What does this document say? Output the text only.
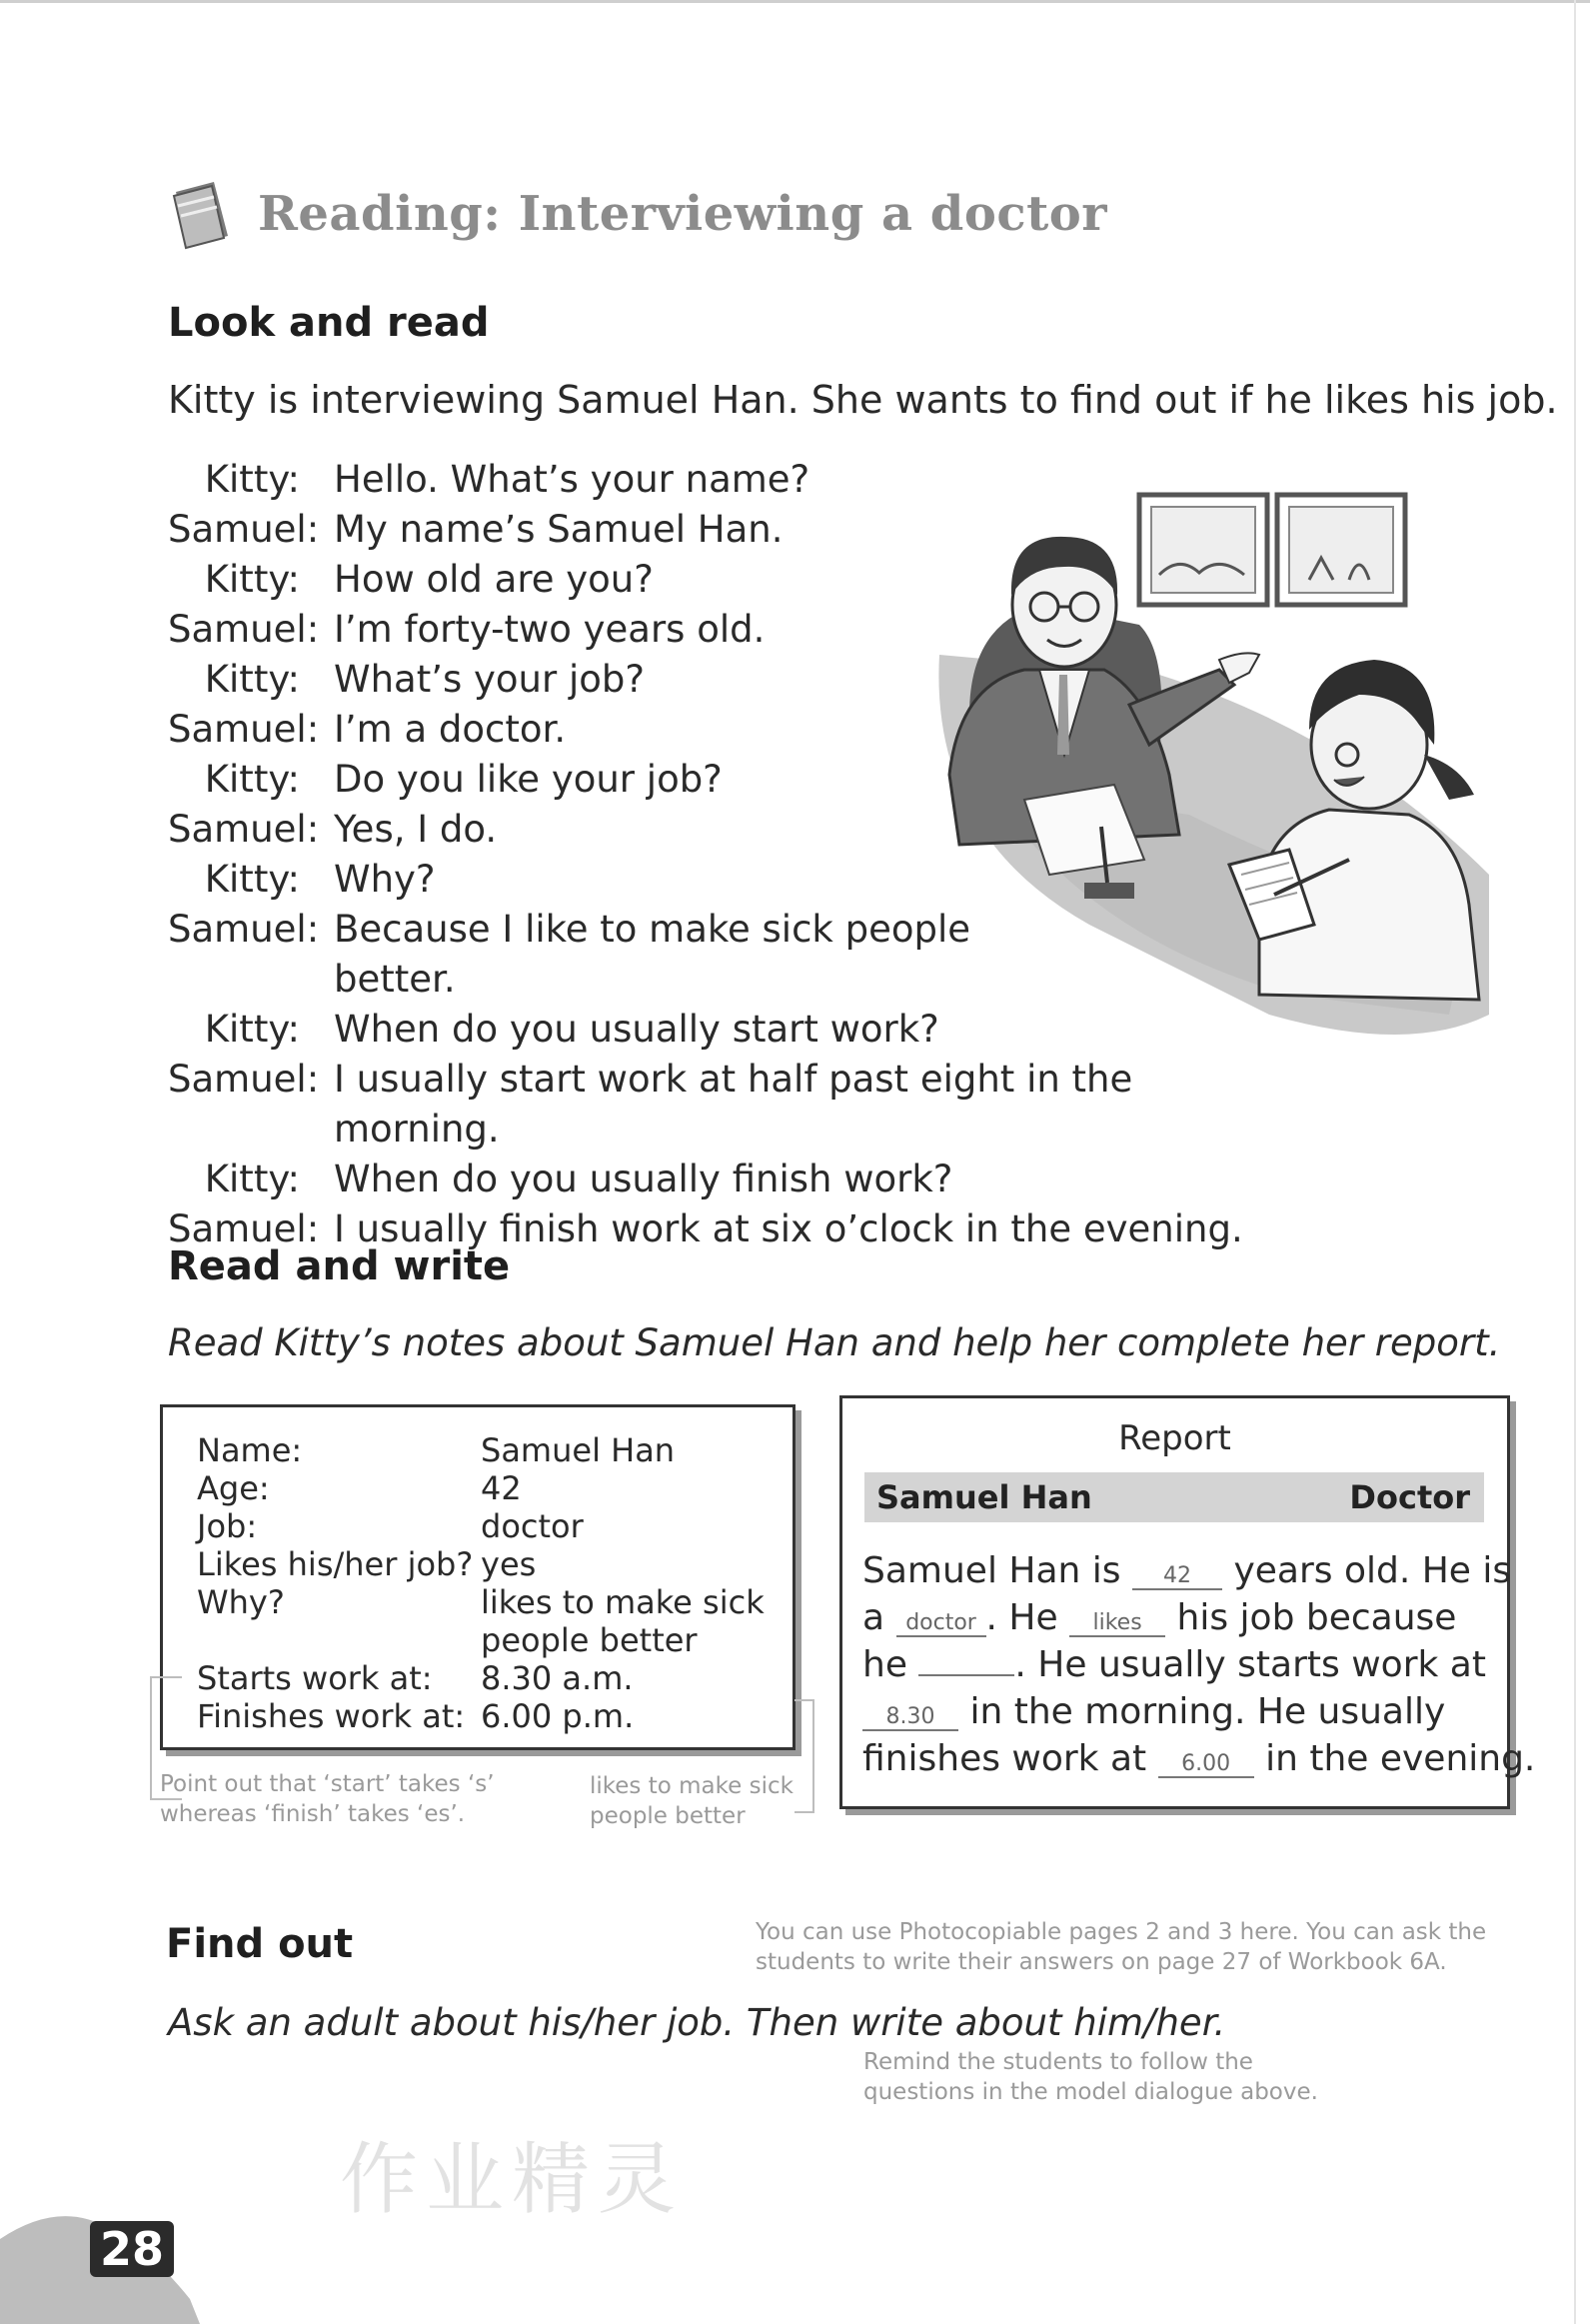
Reading: Interviewing a doctor
Look and read
Kitty is interviewing Samuel Han. She wants to find out if he likes his job.
Kitty: Hello. What’s your name?
Samuel: My name’s Samuel Han.
Kitty: How old are you?
Samuel: I’m forty-two years old.
Kitty: What’s your job?
Samuel: I’m a doctor.
Kitty: Do you like your job?
Samuel: Yes, I do.
Kitty: Why?
Samuel: Because I like to make sick people
better.
Kitty: When do you usually start work?
Samuel: I usually start work at half past eight in the morning.
Kitty: When do you usually finish work?
Samuel: I usually finish work at six o’clock in the evening.
Read and write
Read Kitty’s notes about Samuel Han and help her complete her report.
Name:	Samuel Han
Age:	42
Job:	doctor
Likes his/her job? yes
Why?	likes to make sick
people better
Starts work at: 8.30 a.m.
Finishes work at: 6.00 p.m.
Point out that ‘start’ takes ‘s’
whereas ‘finish’ takes ‘es’.
likes to make sick
people better
Report
Samuel Han	Doctor
Samuel Han is 42 years old. He is
a doctor . He likes his job because
he	. He usually starts work at
8.30 in the morning. He usually
finishes work at 6.00 in the evening.
Find out	You can use Photocopiable pages 2 and 3 here. You can ask the
students to write their answers on page 27 of Workbook 6A.
Ask an adult about his/her job. Then write about him/her.
Remind the students to follow the
questions in the model dialogue above.
作业精灵
28
